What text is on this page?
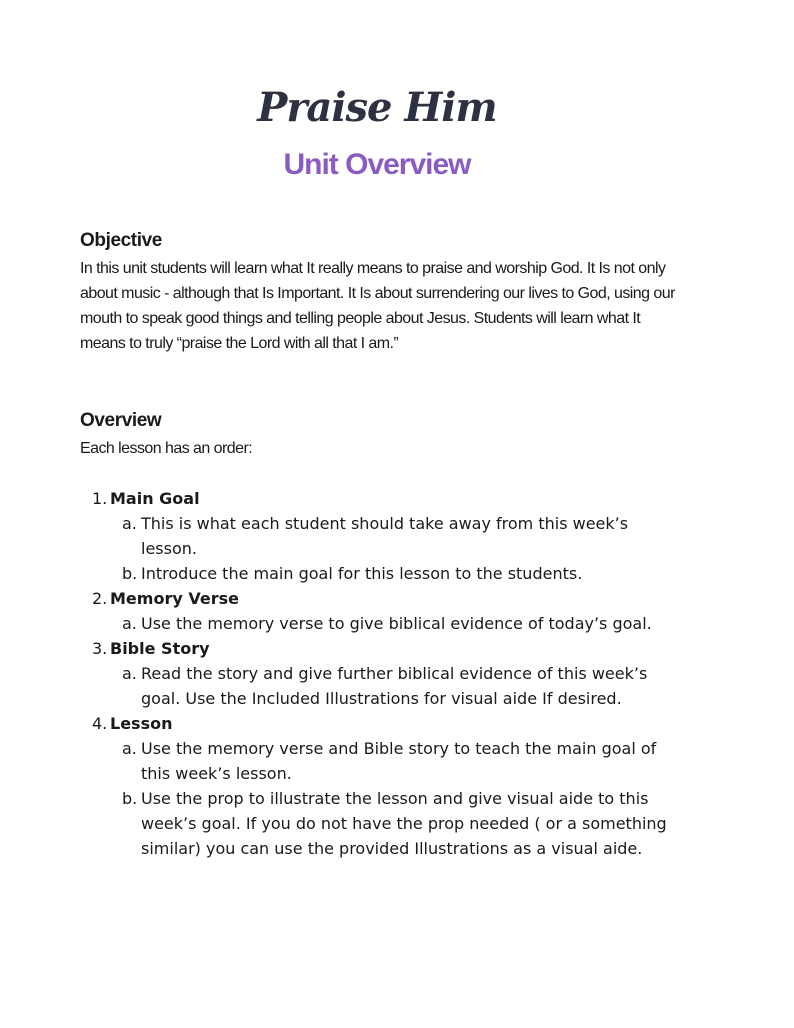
Praise Him
Unit Overview
Objective
In this unit students will learn what It really means to praise and worship God. It Is not only about music - although that Is Important. It Is about surrendering our lives to God, using our mouth to speak good things and telling people about Jesus. Students will learn what It means to truly “praise the Lord with all that I am.”
Overview
Each lesson has an order:
1. Main Goal
a. This is what each student should take away from this week’s lesson.
b. Introduce the main goal for this lesson to the students.
2. Memory Verse
a. Use the memory verse to give biblical evidence of today’s goal.
3. Bible Story
a. Read the story and give further biblical evidence of this week’s goal. Use the Included Illustrations for visual aide If desired.
4. Lesson
a. Use the memory verse and Bible story to teach the main goal of this week’s lesson.
b. Use the prop to illustrate the lesson and give visual aide to this week’s goal. If you do not have the prop needed ( or a something similar) you can use the provided Illustrations as a visual aide.
